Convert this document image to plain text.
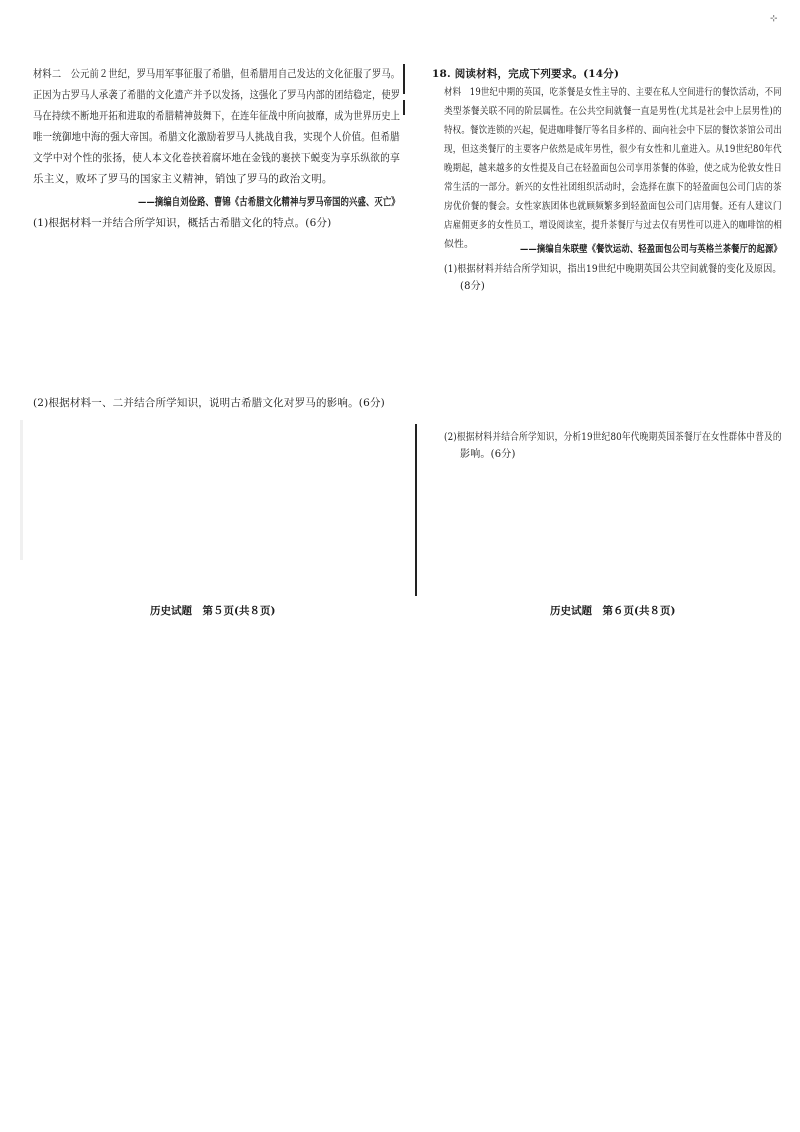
⊹
材料二　公元前２世纪，罗马用军事征服了希腊，但希腊用自己发达的文化征服了罗马。
正因为古罗马人承袭了希腊的文化遗产并予以发扬，这强化了罗马内部的团结稳定，使罗
马在持续不断地开拓和进取的希腊精神鼓舞下，在连年征战中所向披靡，成为世界历史上
唯一统御地中海的强大帝国。希腊文化激励着罗马人挑战自我，实现个人价值。但希腊
文学中对个性的张扬，使人本文化卷挟着腐坏地在金钱的裹挟下蜕变为享乐纵欲的享
乐主义，败坏了罗马的国家主义精神，销蚀了罗马的政治文明。
——摘编自刘俭路、曹锦《古希腊文化精神与罗马帝国的兴盛、灭亡》
(1)根据材料一并结合所学知识，概括古希腊文化的特点。(6分)
(2)根据材料一、二并结合所学知识，说明古希腊文化对罗马的影响。(6分)
历史试题　第５页(共８页)
18. 阅读材料，完成下列要求。(14分)
材料　19世纪中期的英国，吃茶餐是女性主导的、主要在私人空间进行的餐饮活动，不同
类型茶餐关联不同的阶层属性。在公共空间就餐一直是男性(尤其是社会中上层男性)的
特权。餐饮连锁的兴起，促进咖啡餐厅等名目多样的、面向社会中下层的餐饮茶馆公司出
现，但这类餐厅的主要客户依然是成年男性，很少有女性和儿童进入。从19世纪80年代
晚期起，越来越多的女性提及自己在轻盈面包公司享用茶餐的体验，使之成为伦敦女性日
常生活的一部分。新兴的女性社团组织活动时，会选择在旗下的轻盈面包公司门店的茶
房优价餐的餐会。女性家族团体也就顾频繁多到轻盈面包公司门店用餐。还有人建议门
店雇佣更多的女性员工，增设阅读室，提升茶餐厅与过去仅有男性可以进入的咖啡馆的相
似性。	——摘编自朱联壁《餐饮运动、轻盈面包公司与英格兰茶餐厅的起源》
(1)根据材料并结合所学知识，指出19世纪中晚期英国公共空间就餐的变化及原因。
(8分)
(2)根据材料并结合所学知识，分析19世纪80年代晚期英国茶餐厅在女性群体中普及的
影响。(6分)
历史试题　第６页(共８页)
